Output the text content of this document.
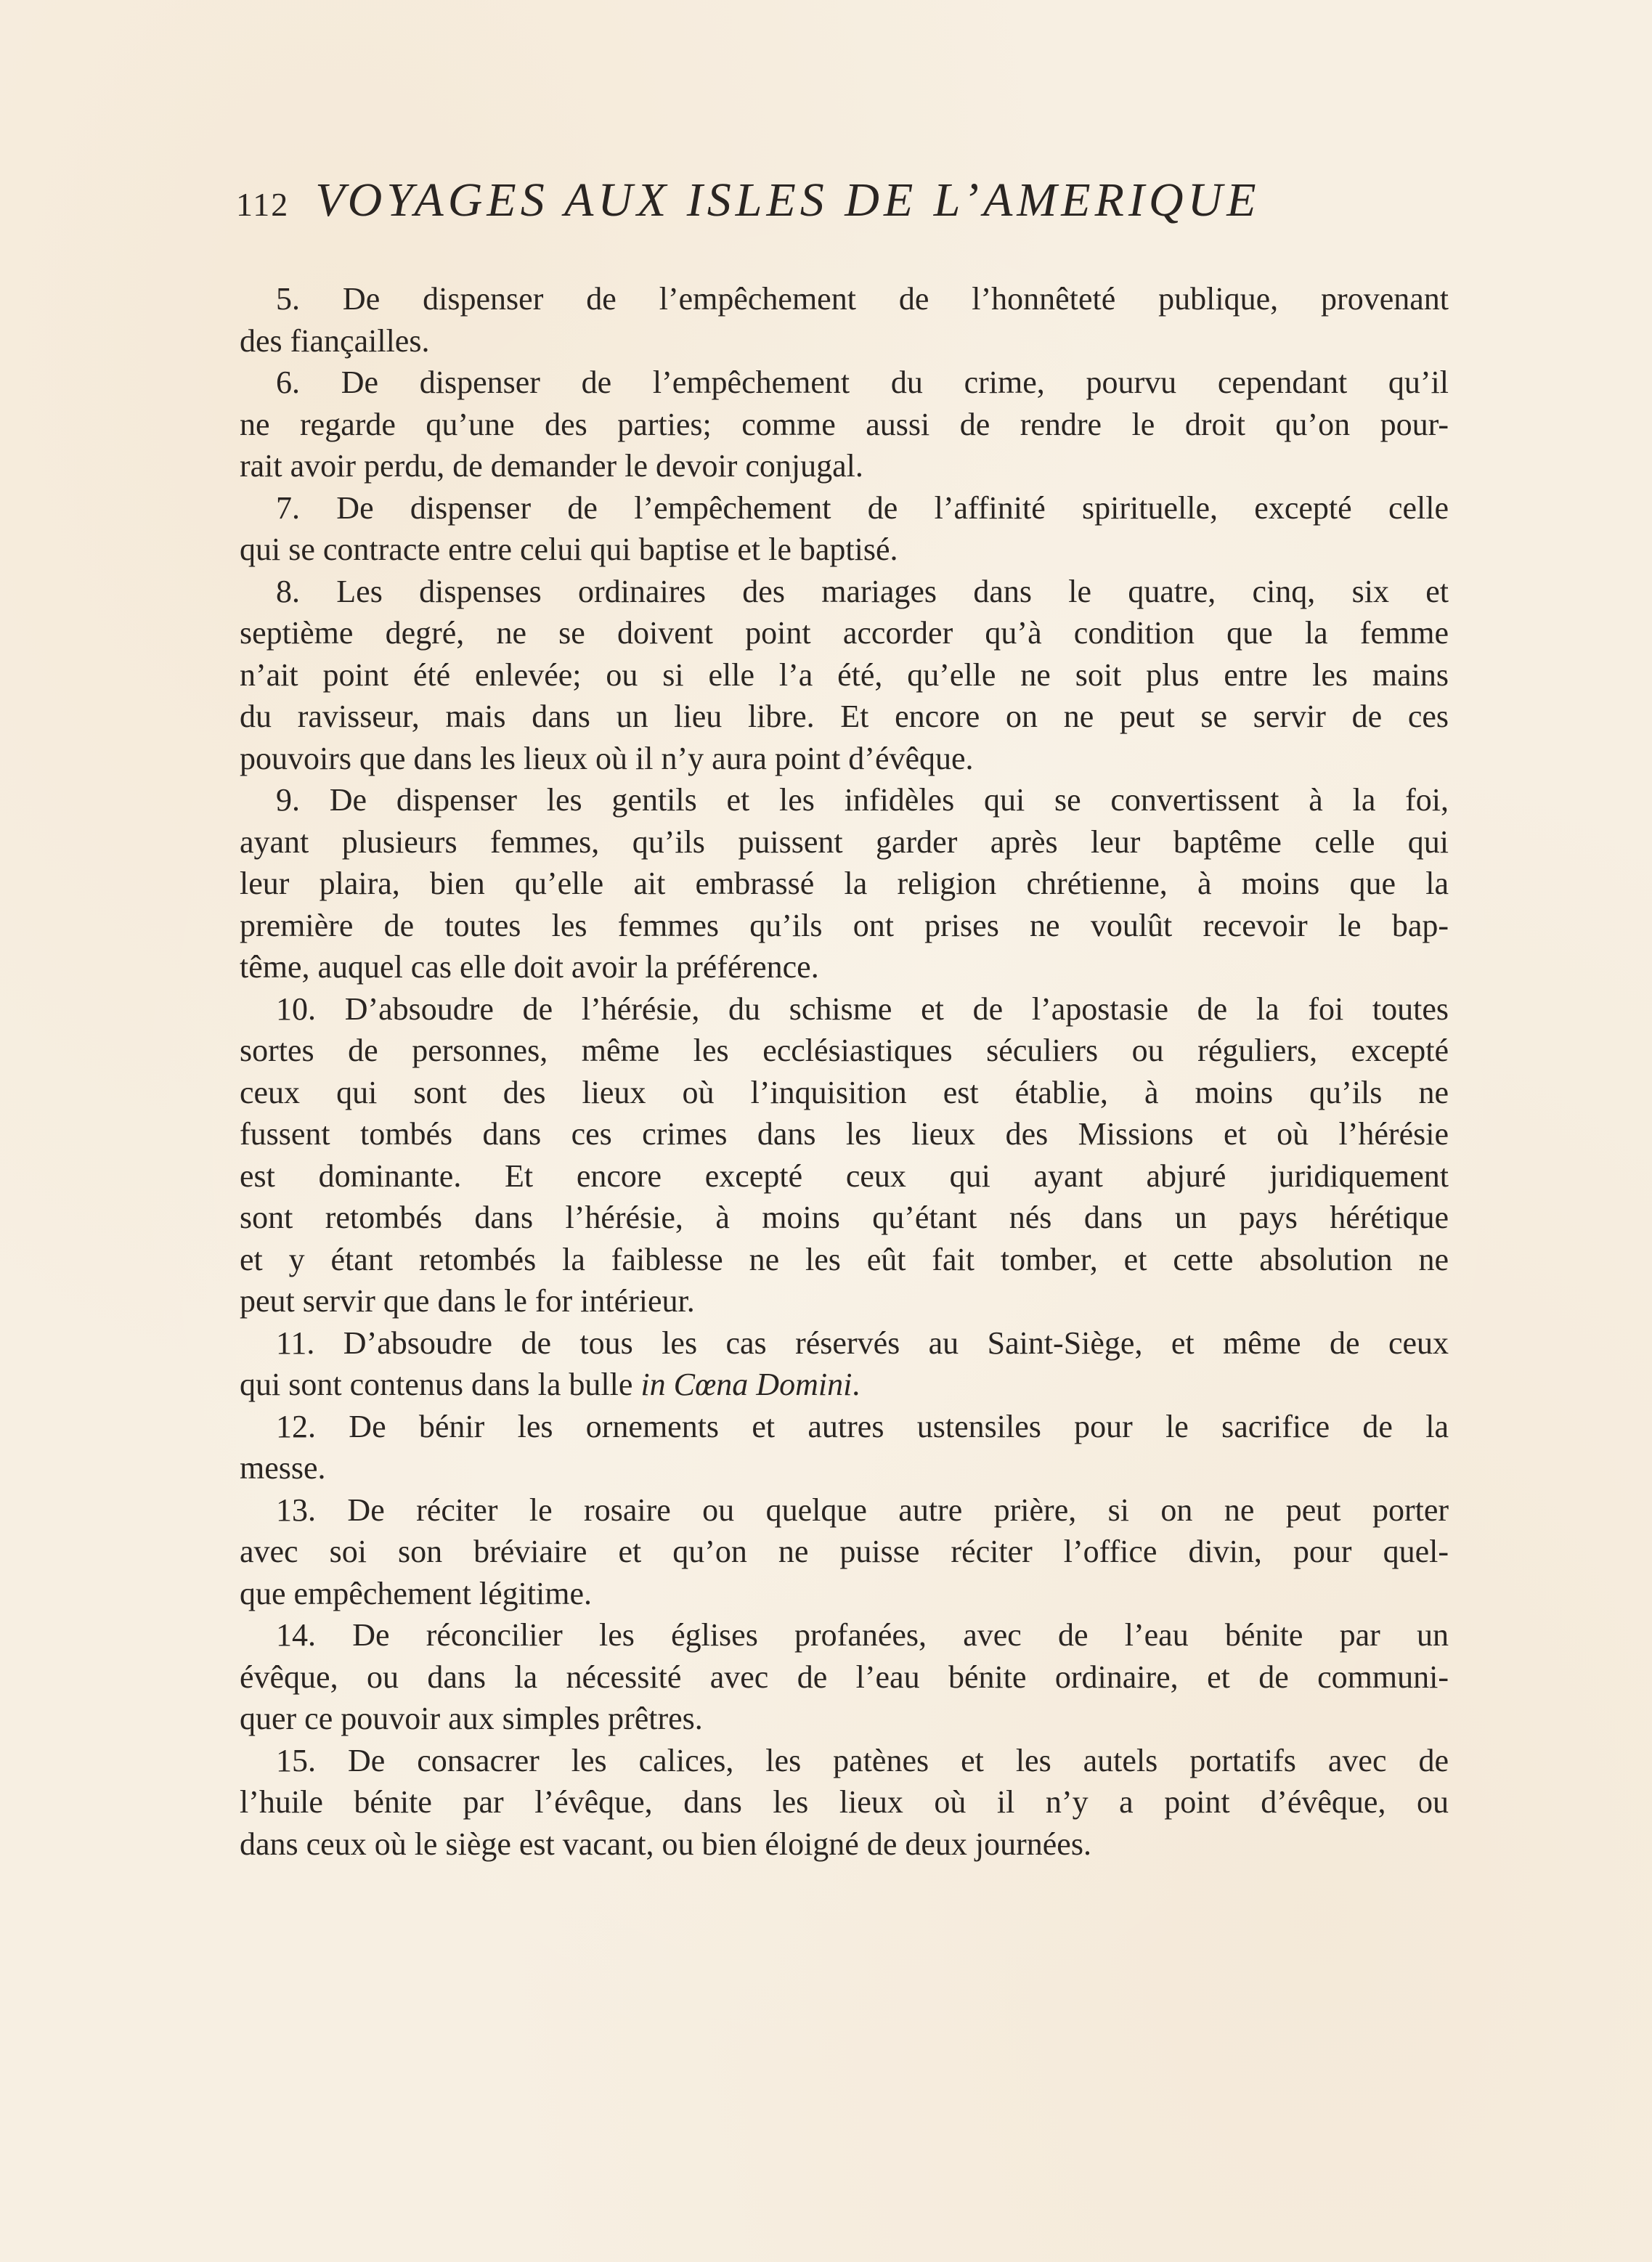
112 VOYAGES AUX ISLES DE L’AMERIQUE
5. De dispenser de l’empêchement de l’honnêteté publique, provenant
des fiançailles.
6. De dispenser de l’empêchement du crime, pourvu cependant qu’il
ne regarde qu’une des parties; comme aussi de rendre le droit qu’on pour-
rait avoir perdu, de demander le devoir conjugal.
7. De dispenser de l’empêchement de l’affinité spirituelle, excepté celle
qui se contracte entre celui qui baptise et le baptisé.
8. Les dispenses ordinaires des mariages dans le quatre, cinq, six et
septième degré, ne se doivent point accorder qu’à condition que la femme
n’ait point été enlevée; ou si elle l’a été, qu’elle ne soit plus entre les mains
du ravisseur, mais dans un lieu libre. Et encore on ne peut se servir de ces
pouvoirs que dans les lieux où il n’y aura point d’évêque.
9. De dispenser les gentils et les infidèles qui se convertissent à la foi,
ayant plusieurs femmes, qu’ils puissent garder après leur baptême celle qui
leur plaira, bien qu’elle ait embrassé la religion chrétienne, à moins que la
première de toutes les femmes qu’ils ont prises ne voulût recevoir le bap-
tême, auquel cas elle doit avoir la préférence.
10. D’absoudre de l’hérésie, du schisme et de l’apostasie de la foi toutes
sortes de personnes, même les ecclésiastiques séculiers ou réguliers, excepté
ceux qui sont des lieux où l’inquisition est établie, à moins qu’ils ne
fussent tombés dans ces crimes dans les lieux des Missions et où l’hérésie
est dominante. Et encore excepté ceux qui ayant abjuré juridiquement
sont retombés dans l’hérésie, à moins qu’étant nés dans un pays hérétique
et y étant retombés la faiblesse ne les eût fait tomber, et cette absolution ne
peut servir que dans le for intérieur.
11. D’absoudre de tous les cas réservés au Saint-Siège, et même de ceux
qui sont contenus dans la bulle in Cœna Domini.
12. De bénir les ornements et autres ustensiles pour le sacrifice de la
messe.
13. De réciter le rosaire ou quelque autre prière, si on ne peut porter
avec soi son bréviaire et qu’on ne puisse réciter l’office divin, pour quel-
que empêchement légitime.
14. De réconcilier les églises profanées, avec de l’eau bénite par un
évêque, ou dans la nécessité avec de l’eau bénite ordinaire, et de communi-
quer ce pouvoir aux simples prêtres.
15. De consacrer les calices, les patènes et les autels portatifs avec de
l’huile bénite par l’évêque, dans les lieux où il n’y a point d’évêque, ou
dans ceux où le siège est vacant, ou bien éloigné de deux journées.
